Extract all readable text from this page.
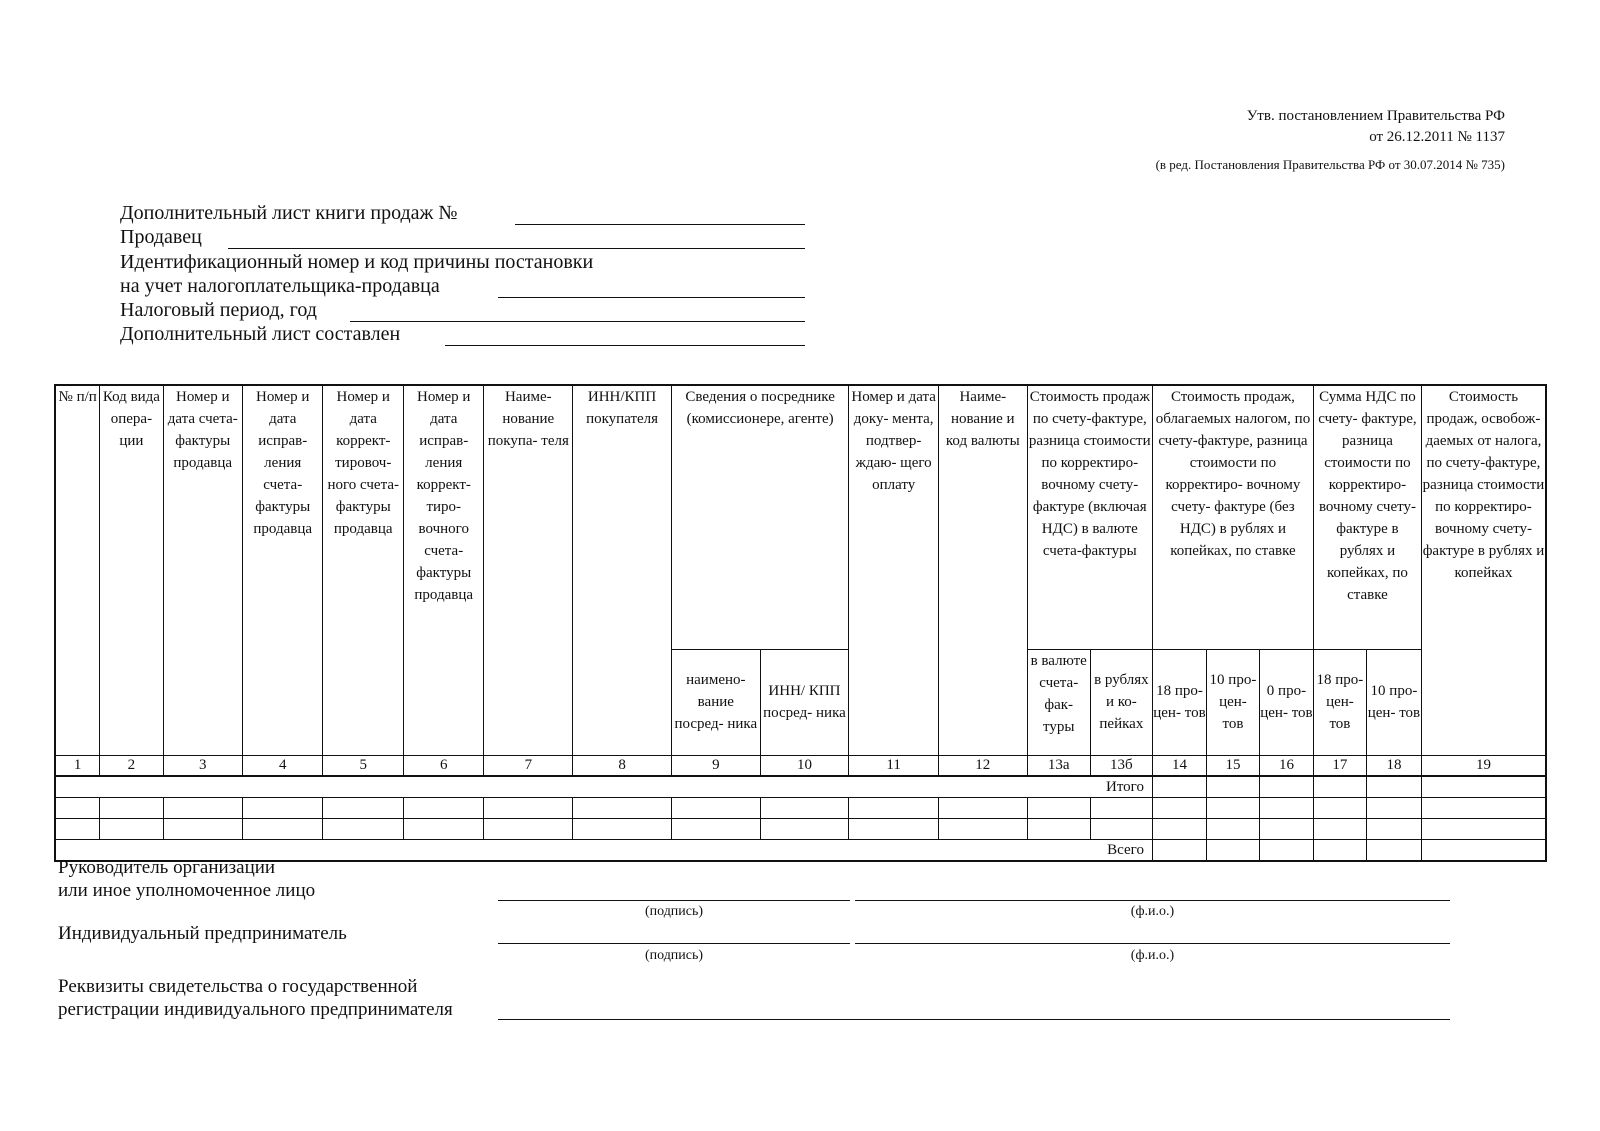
Утв. постановлением Правительства РФ
от 26.12.2011 № 1137
(в ред. Постановления Правительства РФ от 30.07.2014 № 735)
Дополнительный лист книги продаж №
Продавец
Идентификационный номер и код причины постановки
на учет налогоплательщика-продавца
Налоговый период, год
Дополнительный лист составлен
№ п/п	Код вида опера- ции	Номер и дата счета- фактуры продавца	Номер и дата исправ- ления счета- фактуры продавца	Номер и дата коррект- тировоч- ного счета- фактуры продавца	Номер и дата исправ- ления коррект- тиро- вочного счета- фактуры продавца	Наиме- нование покупа- теля	ИНН/КПП покупателя	Сведения о посреднике (комиссионере, агенте)		Номер и дата доку- мента, подтвер- ждаю- щего оплату	Наиме- нование и код валюты	Стоимость продаж по счету-фактуре, разница стоимости по корректиро- вочному счету- фактуре (включая НДС) в валюте счета-фактуры		Стоимость продаж, облагаемых налогом, по счету-фактуре, разница стоимости по корректиро- вочному счету- фактуре (без НДС) в рублях и копейках, по ставке			Сумма НДС по счету- фактуре, разница стоимости по корректиро- вочному счету- фактуре в рублях и копейках, по ставке		Стоимость продаж, освобож- даемых от налога, по счету-фактуре, разница стоимости по корректиро- вочному счету-фактуре в рублях и копейках
								наимено- вание посред- ника	ИНН/ КПП посред- ника			в валюте счета- фак- туры	в рублях и ко- пейках	18 про- цен- тов	10 про- цен- тов	0 про- цен- тов	18 про- цен- тов	10 про- цен- тов	
1	2	3	4	5	6	7	8	9	10	11	12	13а	13б	14	15	16	17	18	19
Итого																			

Всего																			
Руководитель организации
или иное уполномоченное лицо
(подпись)	(ф.и.о.)
Индивидуальный предприниматель
(подпись)	(ф.и.о.)
Реквизиты свидетельства о государственной
регистрации индивидуального предпринимателя
